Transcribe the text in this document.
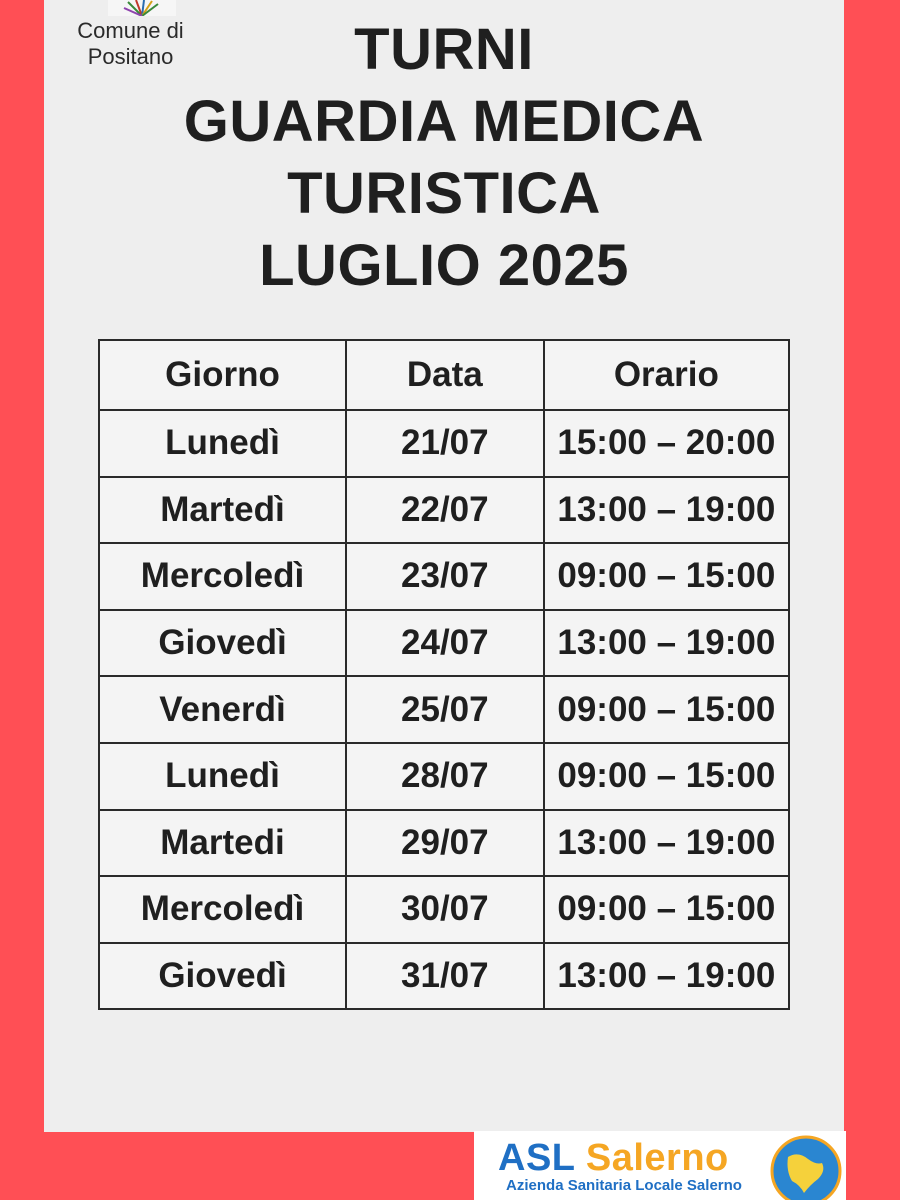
Comune di
Positano	TURNI
GUARDIA MEDICA
TURISTICA
LUGLIO 2025
Giorno	Data	Orario
Lunedì	21/07	15:00 – 20:00
Martedì	22/07	13:00 – 19:00
Mercoledì	23/07	09:00 – 15:00
Giovedì	24/07	13:00 – 19:00
Venerdì	25/07	09:00 – 15:00
Lunedì	28/07	09:00 – 15:00
Martedi	29/07	13:00 – 19:00
Mercoledì	30/07	09:00 – 15:00
Giovedì	31/07	13:00 – 19:00
ASL Salerno
Azienda Sanitaria Locale Salerno
